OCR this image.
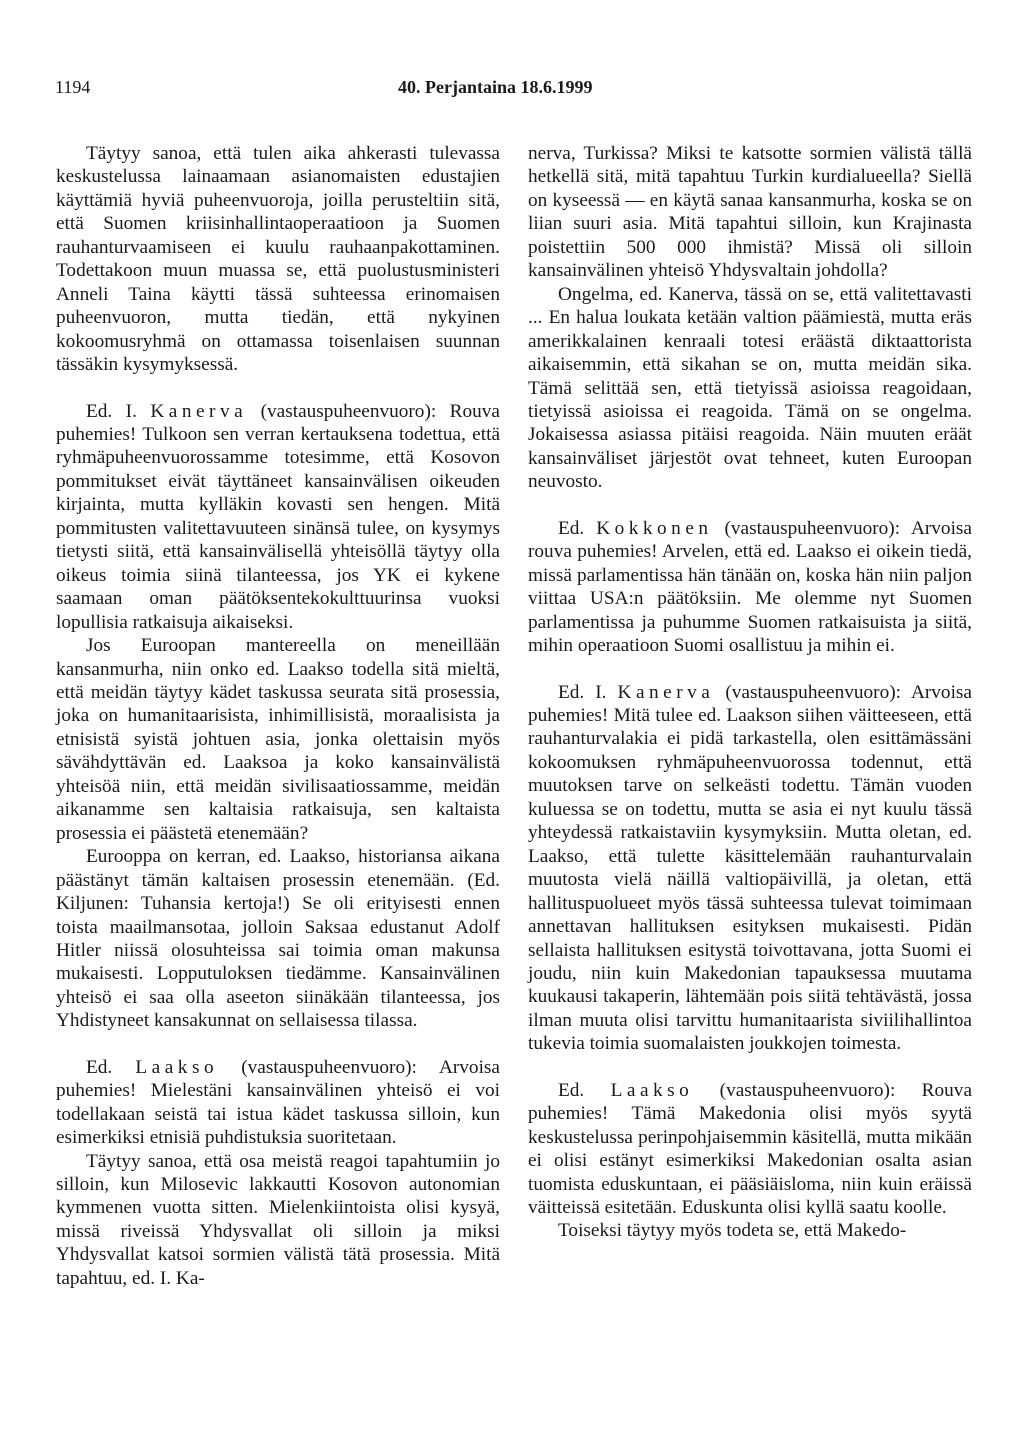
1194	40. Perjantaina 18.6.1999

Täytyy sanoa, että tulen aika ahkerasti tulevassa keskustelussa lainaamaan asianomaisten edustajien käyttämiä hyviä puheenvuoroja, joilla perusteltiin sitä, että Suomen kriisinhallintaoperaatioon ja Suomen rauhanturvaamiseen ei kuulu rauhaanpakottaminen. Todettakoon muun muassa se, että puolustusministeri Anneli Taina käytti tässä suhteessa erinomaisen puheenvuoron, mutta tiedän, että nykyinen kokoomusryhmä on ottamassa toisenlaisen suunnan tässäkin kysymyksessä.

Ed. I. Kanerva (vastauspuheenvuoro): Rouva puhemies! Tulkoon sen verran kertauksena todettua, että ryhmäpuheenvuorossamme totesimme, että Kosovon pommitukset eivät täyttäneet kansainvälisen oikeuden kirjainta, mutta kylläkin kovasti sen hengen. Mitä pommitusten valitettavuuteen sinänsä tulee, on kysymys tietysti siitä, että kansainvälisellä yhteisöllä täytyy olla oikeus toimia siinä tilanteessa, jos YK ei kykene saamaan oman päätöksentekokulttuurinsa vuoksi lopullisia ratkaisuja aikaiseksi.

Jos Euroopan mantereella on meneillään kansanmurha, niin onko ed. Laakso todella sitä mieltä, että meidän täytyy kädet taskussa seurata sitä prosessia, joka on humanitaarisista, inhimillisistä, moraalisista ja etnisistä syistä johtuen asia, jonka olettaisin myös sävähdyttävän ed. Laaksoa ja koko kansainvälistä yhteisöä niin, että meidän sivilisaatiossamme, meidän aikanamme sen kaltaisia ratkaisuja, sen kaltaista prosessia ei päästetä etenemään?

Eurooppa on kerran, ed. Laakso, historiansa aikana päästänyt tämän kaltaisen prosessin etenemään. (Ed. Kiljunen: Tuhansia kertoja!) Se oli erityisesti ennen toista maailmansotaa, jolloin Saksaa edustanut Adolf Hitler niissä olosuhteissa sai toimia oman makunsa mukaisesti. Lopputuloksen tiedämme. Kansainvälinen yhteisö ei saa olla aseeton siinäkään tilanteessa, jos Yhdistyneet kansakunnat on sellaisessa tilassa.

Ed. Laakso (vastauspuheenvuoro): Arvoisa puhemies! Mielestäni kansainvälinen yhteisö ei voi todellakaan seistä tai istua kädet taskussa silloin, kun esimerkiksi etnisiä puhdistuksia suoritetaan.

Täytyy sanoa, että osa meistä reagoi tapahtumiin jo silloin, kun Milosevic lakkautti Kosovon autonomian kymmenen vuotta sitten. Mielenkiintoista olisi kysyä, missä riveissä Yhdysvallat oli silloin ja miksi Yhdysvallat katsoi sormien välistä tätä prosessia. Mitä tapahtuu, ed. I. Ka-

nerva, Turkissa? Miksi te katsotte sormien välistä tällä hetkellä sitä, mitä tapahtuu Turkin kurdialueella? Siellä on kyseessä — en käytä sanaa kansanmurha, koska se on liian suuri asia. Mitä tapahtui silloin, kun Krajinasta poistettiin 500 000 ihmistä? Missä oli silloin kansainvälinen yhteisö Yhdysvaltain johdolla?

Ongelma, ed. Kanerva, tässä on se, että valitettavasti ... En halua loukata ketään valtion päämiestä, mutta eräs amerikkalainen kenraali totesi eräästä diktaattorista aikaisemmin, että sikahan se on, mutta meidän sika. Tämä selittää sen, että tietyissä asioissa reagoidaan, tietyissä asioissa ei reagoida. Tämä on se ongelma. Jokaisessa asiassa pitäisi reagoida. Näin muuten eräät kansainväliset järjestöt ovat tehneet, kuten Euroopan neuvosto.

Ed. Kokkonen (vastauspuheenvuoro): Arvoisa rouva puhemies! Arvelen, että ed. Laakso ei oikein tiedä, missä parlamentissa hän tänään on, koska hän niin paljon viittaa USA:n päätöksiin. Me olemme nyt Suomen parlamentissa ja puhumme Suomen ratkaisuista ja siitä, mihin operaatioon Suomi osallistuu ja mihin ei.

Ed. I. Kanerva (vastauspuheenvuoro): Arvoisa puhemies! Mitä tulee ed. Laakson siihen väitteeseen, että rauhanturvalakia ei pidä tarkastella, olen esittämässäni kokoomuksen ryhmäpuheenvuorossa todennut, että muutoksen tarve on selkeästi todettu. Tämän vuoden kuluessa se on todettu, mutta se asia ei nyt kuulu tässä yhteydessä ratkaistaviin kysymyksiin. Mutta oletan, ed. Laakso, että tulette käsittelemään rauhanturvalain muutosta vielä näillä valtiopäivillä, ja oletan, että hallituspuolueet myös tässä suhteessa tulevat toimimaan annettavan hallituksen esityksen mukaisesti. Pidän sellaista hallituksen esitystä toivottavana, jotta Suomi ei joudu, niin kuin Makedonian tapauksessa muutama kuukausi takaperin, lähtemään pois siitä tehtävästä, jossa ilman muuta olisi tarvittu humanitaarista siviilihallintoa tukevia toimia suomalaisten joukkojen toimesta.

Ed. Laakso (vastauspuheenvuoro): Rouva puhemies! Tämä Makedonia olisi myös syytä keskustelussa perinpohjaisemmin käsitellä, mutta mikään ei olisi estänyt esimerkiksi Makedonian osalta asian tuomista eduskuntaan, ei pääsiäisloma, niin kuin eräissä väitteissä esitetään. Eduskunta olisi kyllä saatu koolle.

Toiseksi täytyy myös todeta se, että Makedo-
